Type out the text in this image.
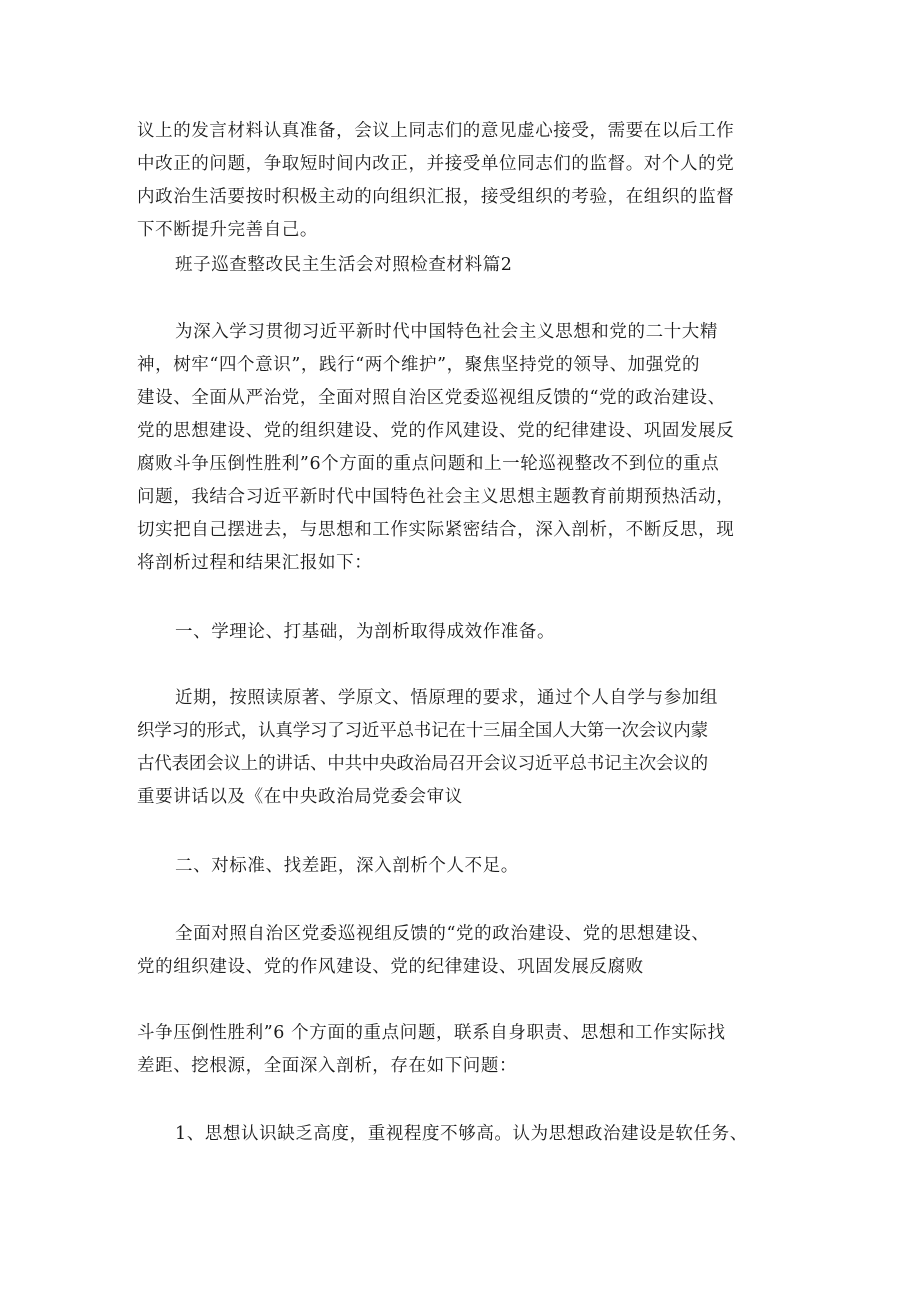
议上的发言材料认真准备，会议上同志们的意见虚心接受，需要在以后工作
中改正的问题，争取短时间内改正，并接受单位同志们的监督。对个人的党
内政治生活要按时积极主动的向组织汇报，接受组织的考验，在组织的监督
下不断提升完善自己。
班子巡查整改民主生活会对照检查材料篇2
为深入学习贯彻习近平新时代中国特色社会主义思想和党的二十大精
神，树牢“四个意识”，践行“两个维护”，聚焦坚持党的领导、加强党的
建设、全面从严治党，全面对照自治区党委巡视组反馈的“党的政治建设、
党的思想建设、党的组织建设、党的作风建设、党的纪律建设、巩固发展反
腐败斗争压倒性胜利”6个方面的重点问题和上一轮巡视整改不到位的重点
问题，我结合习近平新时代中国特色社会主义思想主题教育前期预热活动，
切实把自己摆进去，与思想和工作实际紧密结合，深入剖析，不断反思，现
将剖析过程和结果汇报如下：
一、学理论、打基础，为剖析取得成效作准备。
近期，按照读原著、学原文、悟原理的要求，通过个人自学与参加组
织学习的形式，认真学习了习近平总书记在十三届全国人大第一次会议内蒙
古代表团会议上的讲话、中共中央政治局召开会议习近平总书记主次会议的
重要讲话以及《在中央政治局党委会审议
二、对标准、找差距，深入剖析个人不足。
全面对照自治区党委巡视组反馈的“党的政治建设、党的思想建设、
党的组织建设、党的作风建设、党的纪律建设、巩固发展反腐败
斗争压倒性胜利”6 个方面的重点问题，联系自身职责、思想和工作实际找
差距、挖根源，全面深入剖析，存在如下问题：
1、思想认识缺乏高度，重视程度不够高。认为思想政治建设是软任务、
